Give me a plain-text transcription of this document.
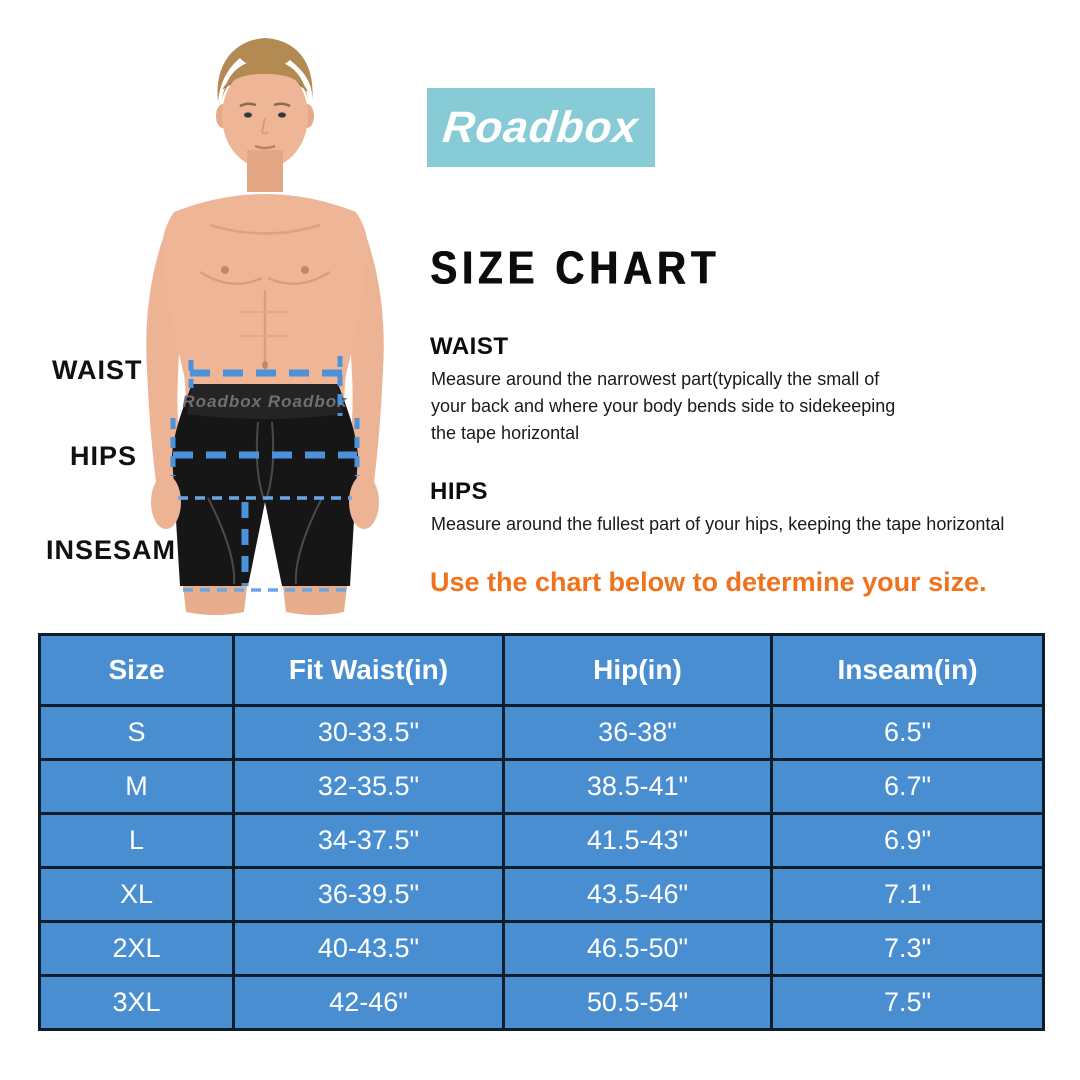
Roadbox Roadbox
WAIST
HIPS
INSESAM
Roadbox
SIZE CHART
WAIST
Measure around the narrowest part(typically the small of
your back and where your body bends side to sidekeeping
the tape horizontal
HIPS
Measure around the fullest part of your hips, keeping the tape horizontal
Use the chart below to determine your size.
Size	Fit Waist(in)	Hip(in)	Inseam(in)
S	30-33.5"	36-38"	6.5"
M	32-35.5"	38.5-41"	6.7"
L	34-37.5"	41.5-43"	6.9"
XL	36-39.5"	43.5-46"	7.1"
2XL	40-43.5"	46.5-50"	7.3"
3XL	42-46"	50.5-54"	7.5"
